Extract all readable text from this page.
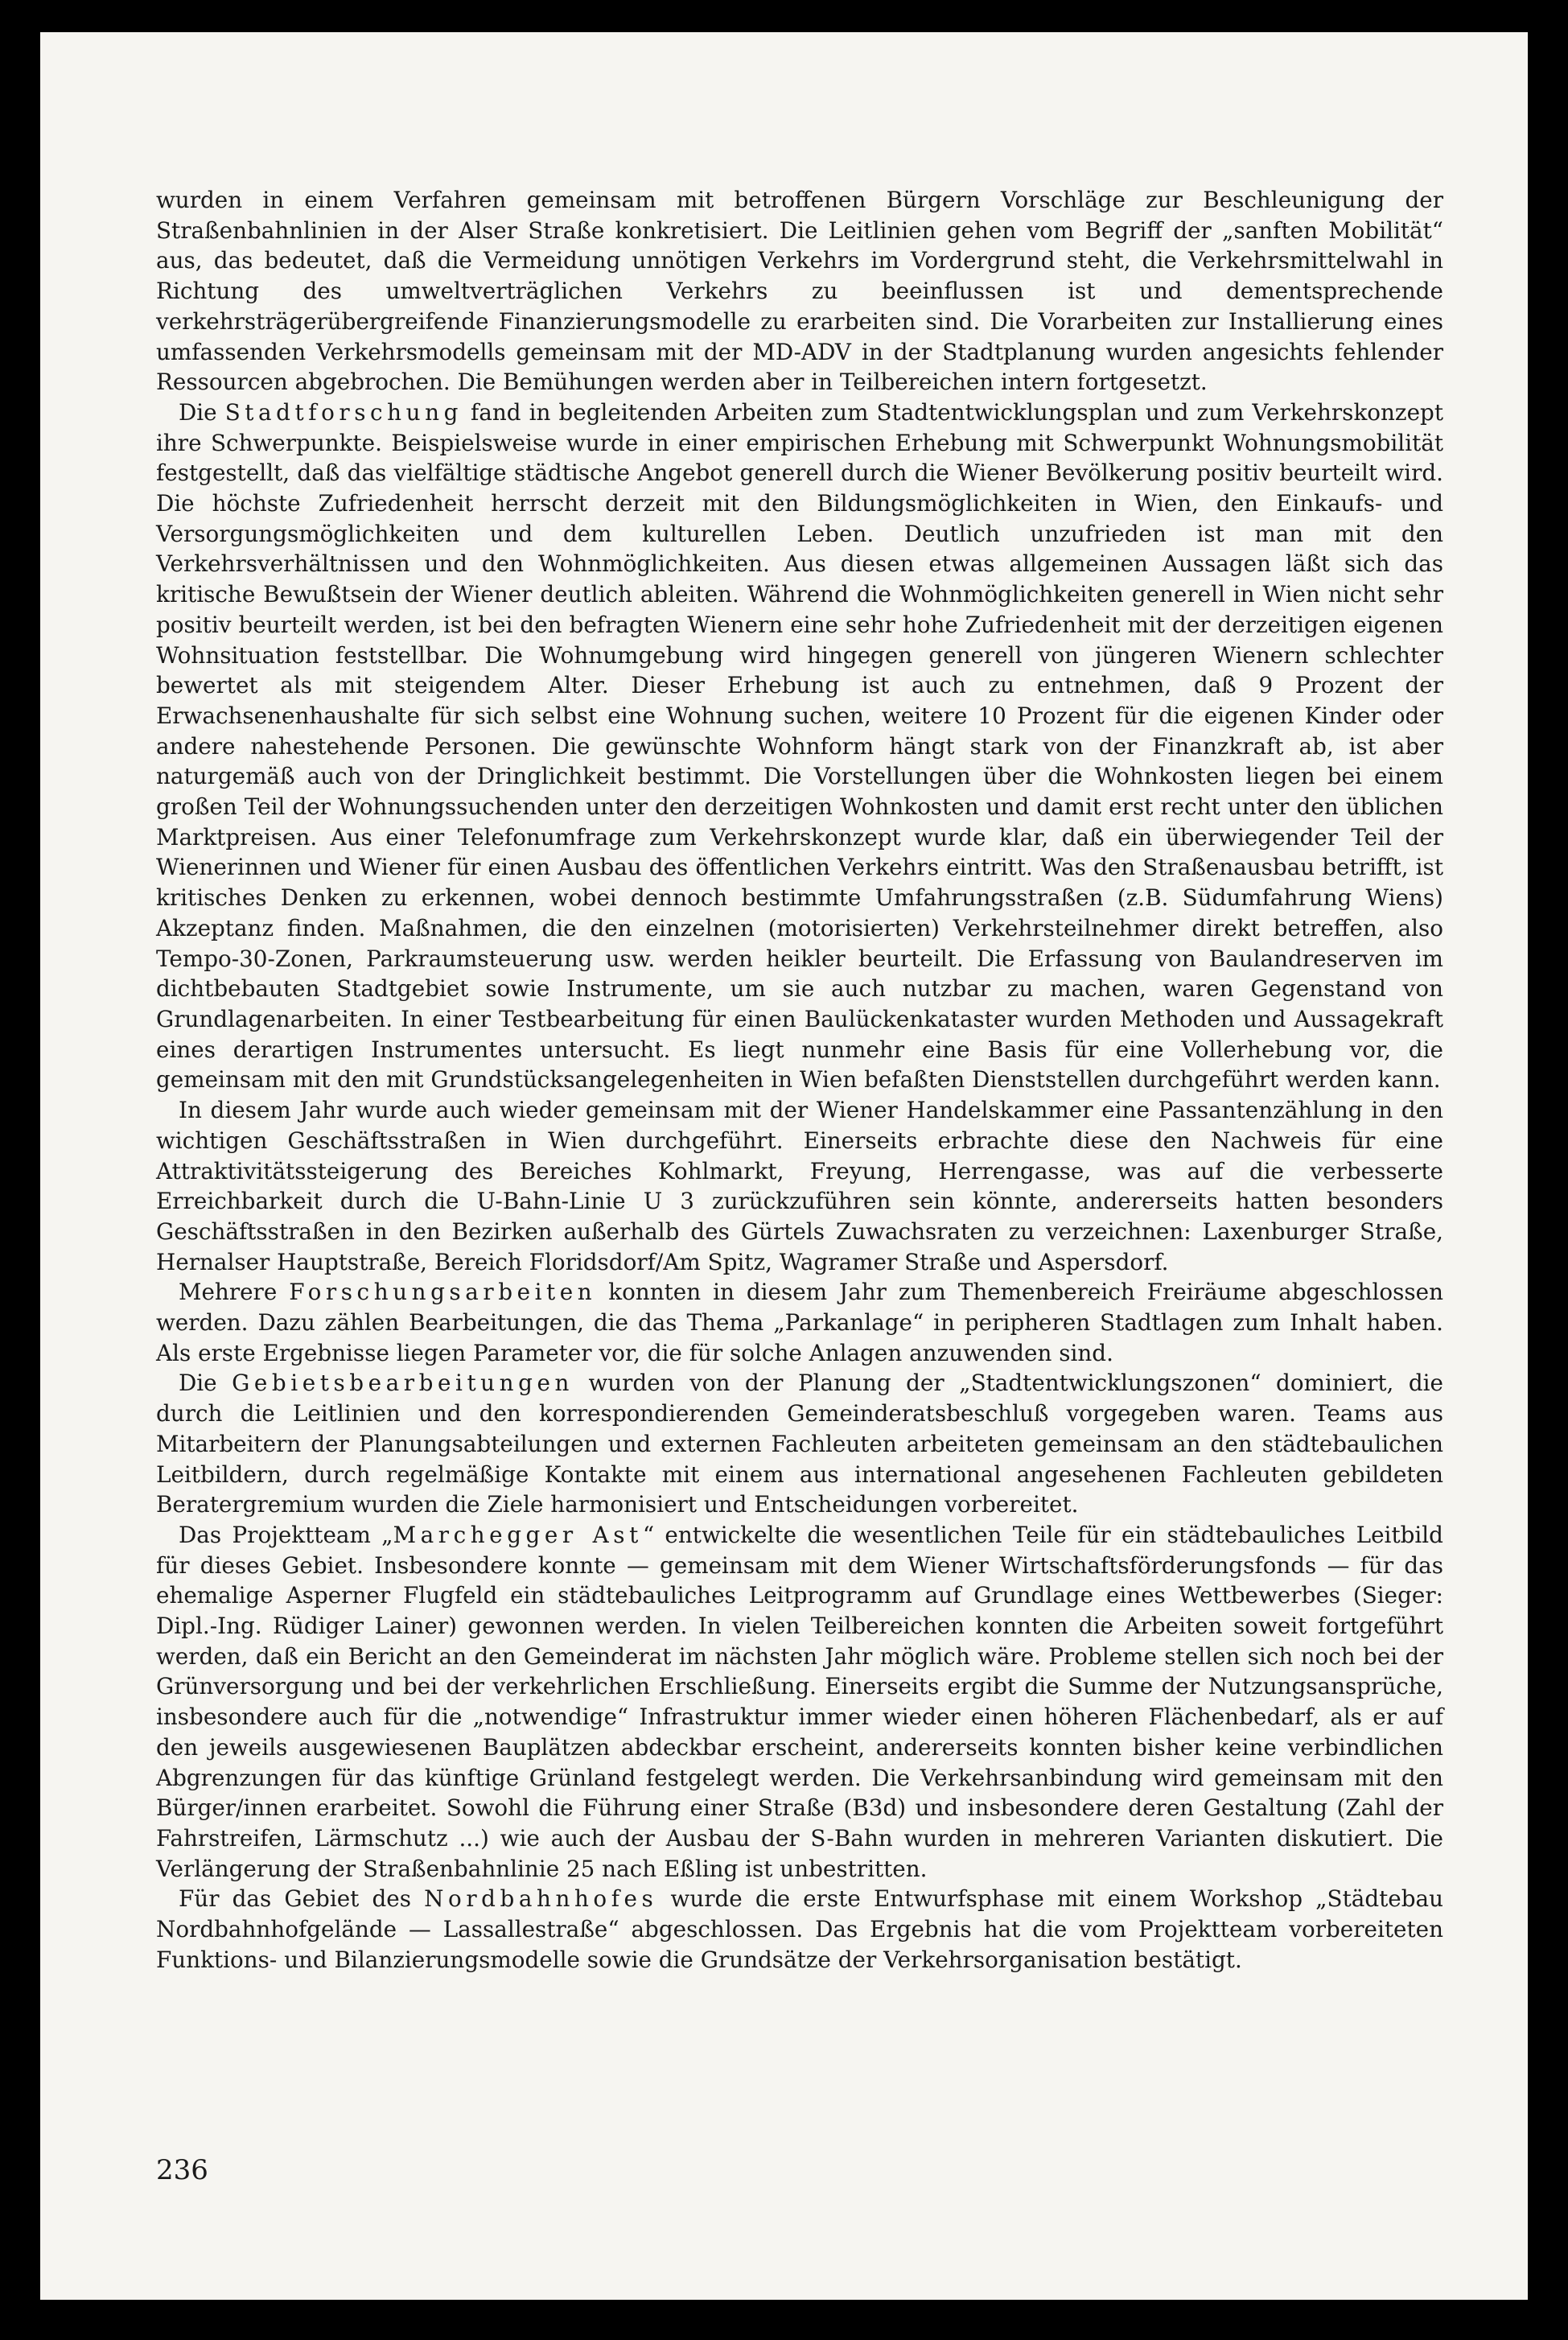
wurden in einem Verfahren gemeinsam mit betroffenen Bürgern Vorschläge zur Beschleunigung der Straßenbahnlinien in der Alser Straße konkretisiert. Die Leitlinien gehen vom Begriff der „sanften Mobilität“ aus, das bedeutet, daß die Vermeidung unnötigen Verkehrs im Vordergrund steht, die Verkehrsmittelwahl in Richtung des umweltverträglichen Verkehrs zu beeinflussen ist und dementsprechende verkehrsträgerübergreifende Finanzierungsmodelle zu erarbeiten sind. Die Vorarbeiten zur Installierung eines umfassenden Verkehrsmodells gemeinsam mit der MD-ADV in der Stadtplanung wurden angesichts fehlender Ressourcen abgebrochen. Die Bemühungen werden aber in Teilbereichen intern fortgesetzt.

Die Stadtforschung fand in begleitenden Arbeiten zum Stadtentwicklungsplan und zum Verkehrskonzept ihre Schwerpunkte. Beispielsweise wurde in einer empirischen Erhebung mit Schwerpunkt Wohnungsmobilität festgestellt, daß das vielfältige städtische Angebot generell durch die Wiener Bevölkerung positiv beurteilt wird. Die höchste Zufriedenheit herrscht derzeit mit den Bildungsmöglichkeiten in Wien, den Einkaufs- und Versorgungsmöglichkeiten und dem kulturellen Leben. Deutlich unzufrieden ist man mit den Verkehrsverhältnissen und den Wohnmöglichkeiten. Aus diesen etwas allgemeinen Aussagen läßt sich das kritische Bewußtsein der Wiener deutlich ableiten. Während die Wohnmöglichkeiten generell in Wien nicht sehr positiv beurteilt werden, ist bei den befragten Wienern eine sehr hohe Zufriedenheit mit der derzeitigen eigenen Wohnsituation feststellbar. Die Wohnumgebung wird hingegen generell von jüngeren Wienern schlechter bewertet als mit steigendem Alter. Dieser Erhebung ist auch zu entnehmen, daß 9 Prozent der Erwachsenenhaushalte für sich selbst eine Wohnung suchen, weitere 10 Prozent für die eigenen Kinder oder andere nahestehende Personen. Die gewünschte Wohnform hängt stark von der Finanzkraft ab, ist aber naturgemäß auch von der Dringlichkeit bestimmt. Die Vorstellungen über die Wohnkosten liegen bei einem großen Teil der Wohnungssuchenden unter den derzeitigen Wohnkosten und damit erst recht unter den üblichen Marktpreisen. Aus einer Telefonumfrage zum Verkehrskonzept wurde klar, daß ein überwiegender Teil der Wienerinnen und Wiener für einen Ausbau des öffentlichen Verkehrs eintritt. Was den Straßenausbau betrifft, ist kritisches Denken zu erkennen, wobei dennoch bestimmte Umfahrungsstraßen (z.B. Südumfahrung Wiens) Akzeptanz finden. Maßnahmen, die den einzelnen (motorisierten) Verkehrsteilnehmer direkt betreffen, also Tempo-30-Zonen, Parkraumsteuerung usw. werden heikler beurteilt. Die Erfassung von Baulandreserven im dichtbebauten Stadtgebiet sowie Instrumente, um sie auch nutzbar zu machen, waren Gegenstand von Grundlagenarbeiten. In einer Testbearbeitung für einen Baulückenkataster wurden Methoden und Aussagekraft eines derartigen Instrumentes untersucht. Es liegt nunmehr eine Basis für eine Vollerhebung vor, die gemeinsam mit den mit Grundstücksangelegenheiten in Wien befaßten Dienststellen durchgeführt werden kann.

In diesem Jahr wurde auch wieder gemeinsam mit der Wiener Handelskammer eine Passantenzählung in den wichtigen Geschäftsstraßen in Wien durchgeführt. Einerseits erbrachte diese den Nachweis für eine Attraktivitätssteigerung des Bereiches Kohlmarkt, Freyung, Herrengasse, was auf die verbesserte Erreichbarkeit durch die U-Bahn-Linie U 3 zurückzuführen sein könnte, andererseits hatten besonders Geschäftsstraßen in den Bezirken außerhalb des Gürtels Zuwachsraten zu verzeichnen: Laxenburger Straße, Hernalser Hauptstraße, Bereich Floridsdorf/Am Spitz, Wagramer Straße und Aspersdorf.

Mehrere Forschungsarbeiten konnten in diesem Jahr zum Themenbereich Freiräume abgeschlossen werden. Dazu zählen Bearbeitungen, die das Thema „Parkanlage“ in peripheren Stadtlagen zum Inhalt haben. Als erste Ergebnisse liegen Parameter vor, die für solche Anlagen anzuwenden sind.

Die Gebietsbearbeitungen wurden von der Planung der „Stadtentwicklungszonen“ dominiert, die durch die Leitlinien und den korrespondierenden Gemeinderatsbeschluß vorgegeben waren. Teams aus Mitarbeitern der Planungsabteilungen und externen Fachleuten arbeiteten gemeinsam an den städtebaulichen Leitbildern, durch regelmäßige Kontakte mit einem aus international angesehenen Fachleuten gebildeten Beratergremium wurden die Ziele harmonisiert und Entscheidungen vorbereitet.

Das Projektteam „Marchegger Ast“ entwickelte die wesentlichen Teile für ein städtebauliches Leitbild für dieses Gebiet. Insbesondere konnte — gemeinsam mit dem Wiener Wirtschaftsförderungsfonds — für das ehemalige Asperner Flugfeld ein städtebauliches Leitprogramm auf Grundlage eines Wettbewerbes (Sieger: Dipl.-Ing. Rüdiger Lainer) gewonnen werden. In vielen Teilbereichen konnten die Arbeiten soweit fortgeführt werden, daß ein Bericht an den Gemeinderat im nächsten Jahr möglich wäre. Probleme stellen sich noch bei der Grünversorgung und bei der verkehrlichen Erschließung. Einerseits ergibt die Summe der Nutzungsansprüche, insbesondere auch für die „notwendige“ Infrastruktur immer wieder einen höheren Flächenbedarf, als er auf den jeweils ausgewiesenen Bauplätzen abdeckbar erscheint, andererseits konnten bisher keine verbindlichen Abgrenzungen für das künftige Grünland festgelegt werden. Die Verkehrsanbindung wird gemeinsam mit den Bürger/innen erarbeitet. Sowohl die Führung einer Straße (B3d) und insbesondere deren Gestaltung (Zahl der Fahrstreifen, Lärmschutz ...) wie auch der Ausbau der S-Bahn wurden in mehreren Varianten diskutiert. Die Verlängerung der Straßenbahnlinie 25 nach Eßling ist unbestritten.

Für das Gebiet des Nordbahnhofes wurde die erste Entwurfsphase mit einem Workshop „Städtebau Nordbahnhofgelände — Lassallestraße“ abgeschlossen. Das Ergebnis hat die vom Projektteam vorbereiteten Funktions- und Bilanzierungsmodelle sowie die Grundsätze der Verkehrsorganisation bestätigt.

236
